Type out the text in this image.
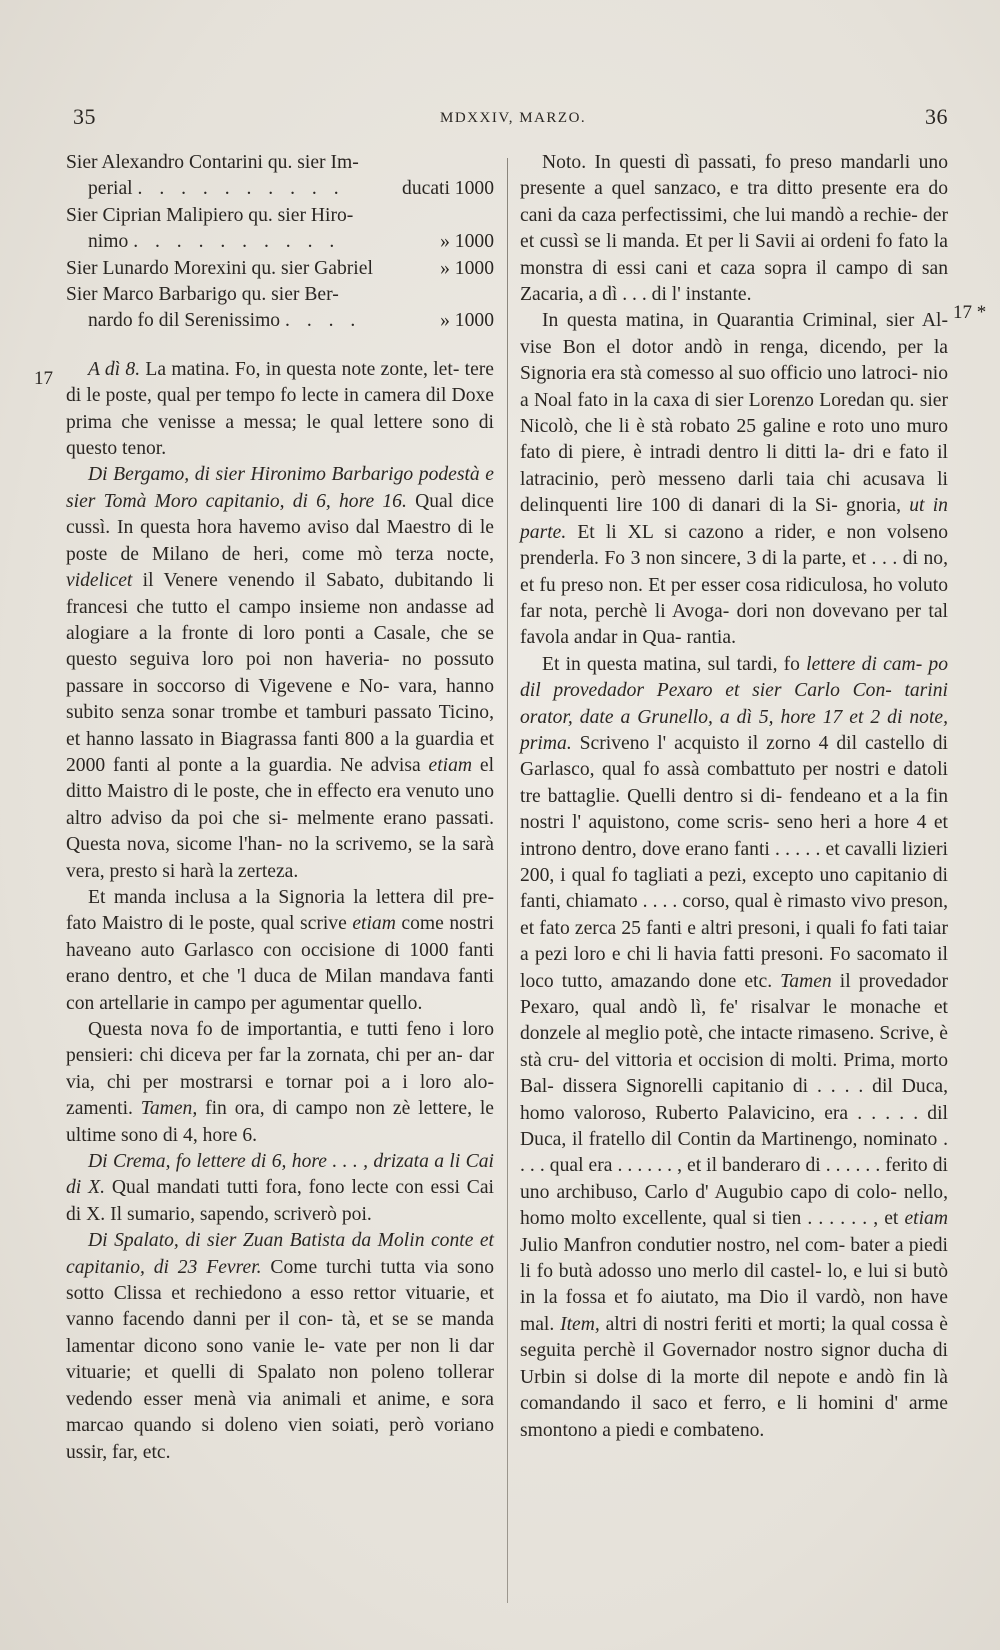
35	MDXXIV, MARZO.	36
17
17 *

Sier Alexandro Contarini qu. sier Im-

perial . . . . . . . . . .	ducati 1000

Sier Ciprian Malipiero qu. sier Hiro-

nimo . . . . . . . . . .	» 1000

Sier Lunardo Morexini qu. sier Gabriel	» 1000

Sier Marco Barbarigo qu. sier Ber-

nardo fo dil Serenissimo . . . .	» 1000

A dì 8. La matina. Fo, in questa note zonte, let- tere di le poste, qual per tempo fo lecte in camera dil Doxe prima che venisse a messa; le qual lettere sono di questo tenor.

Di Bergamo, di sier Hironimo Barbarigo podestà e sier Tomà Moro capitanio, di 6, hore 16. Qual dice cussì. In questa hora havemo aviso dal Maestro di le poste de Milano de heri, come mò terza nocte, videlicet il Venere venendo il Sabato, dubitando li francesi che tutto el campo insieme non andasse ad alogiare a la fronte di loro ponti a Casale, che se questo seguiva loro poi non haveria- no possuto passare in soccorso di Vigevene e No- vara, hanno subito senza sonar trombe et tamburi passato Ticino, et hanno lassato in Biagrassa fanti 800 a la guardia et 2000 fanti al ponte a la guardia. Ne advisa etiam el ditto Maistro di le poste, che in effecto era venuto uno altro adviso da poi che si- melmente erano passati. Questa nova, sicome l'han- no la scrivemo, se la sarà vera, presto si harà la zerteza.

Et manda inclusa a la Signoria la lettera dil pre- fato Maistro di le poste, qual scrive etiam come nostri haveano auto Garlasco con occisione di 1000 fanti erano dentro, et che 'l duca de Milan mandava fanti con artellarie in campo per agumentar quello.

Questa nova fo de importantia, e tutti feno i loro pensieri: chi diceva per far la zornata, chi per an- dar via, chi per mostrarsi e tornar poi a i loro alo- zamenti. Tamen, fin ora, di campo non zè lettere, le ultime sono di 4, hore 6.

Di Crema, fo lettere di 6, hore . . . , drizata a li Cai di X. Qual mandati tutti fora, fono lecte con essi Cai di X. Il sumario, sapendo, scriverò poi.

Di Spalato, di sier Zuan Batista da Molin conte et capitanio, di 23 Fevrer. Come turchi tutta via sono sotto Clissa et rechiedono a esso rettor vituarie, et vanno facendo danni per il con- tà, et se se manda lamentar dicono sono vanie le- vate per non li dar vituarie; et quelli di Spalato non poleno tollerar vedendo esser menà via animali et anime, e sora marcao quando si doleno vien soiati, però voriano ussir, far, etc.

Noto. In questi dì passati, fo preso mandarli uno presente a quel sanzaco, e tra ditto presente era do cani da caza perfectissimi, che lui mandò a rechie- der et cussì se li manda. Et per li Savii ai ordeni fo fato la monstra di essi cani et caza sopra il campo di san Zacaria, a dì . . . di l' instante.

In questa matina, in Quarantia Criminal, sier Al- vise Bon el dotor andò in renga, dicendo, per la Signoria era stà comesso al suo officio uno latroci- nio a Noal fato in la caxa di sier Lorenzo Loredan qu. sier Nicolò, che li è stà robato 25 galine e roto uno muro fato di piere, è intradi dentro li ditti la- dri e fato il latracinio, però messeno darli taia chi acusava li delinquenti lire 100 di danari di la Si- gnoria, ut in parte. Et li XL si cazono a rider, e non volseno prenderla. Fo 3 non sincere, 3 di la parte, et . . . di no, et fu preso non. Et per esser cosa ridiculosa, ho voluto far nota, perchè li Avoga- dori non dovevano per tal favola andar in Qua- rantia.

Et in questa matina, sul tardi, fo lettere di cam- po dil provedador Pexaro et sier Carlo Con- tarini orator, date a Grunello, a dì 5, hore 17 et 2 di note, prima. Scriveno l' acquisto il zorno 4 dil castello di Garlasco, qual fo assà combattuto per nostri e datoli tre battaglie. Quelli dentro si di- fendeano et a la fin nostri l' aquistono, come scris- seno heri a hore 4 et introno dentro, dove erano fanti . . . . . et cavalli lizieri 200, i qual fo tagliati a pezi, excepto uno capitanio di fanti, chiamato . . . . corso, qual è rimasto vivo preson, et fato zerca 25 fanti e altri presoni, i quali fo fati taiar a pezi loro e chi li havia fatti presoni. Fo sacomato il loco tutto, amazando done etc. Tamen il provedador Pexaro, qual andò lì, fe' risalvar le monache et donzele al meglio potè, che intacte rimaseno. Scrive, è stà cru- del vittoria et occision di molti. Prima, morto Bal- dissera Signorelli capitanio di . . . . dil Duca, homo valoroso, Ruberto Palavicino, era . . . . . dil Duca, il fratello dil Contin da Martinengo, nominato . . . . qual era . . . . . . , et il banderaro di . . . . . . ferito di uno archibuso, Carlo d' Augubio capo di colo- nello, homo molto excellente, qual si tien . . . . . . , et etiam Julio Manfron condutier nostro, nel com- bater a piedi li fo butà adosso uno merlo dil castel- lo, e lui si butò in la fossa et fo aiutato, ma Dio il vardò, non have mal. Item, altri di nostri feriti et morti; la qual cossa è seguita perchè il Governador nostro signor ducha di Urbin si dolse di la morte dil nepote e andò fin là comandando il saco et ferro, e li homini d' arme smontono a piedi e combateno.
